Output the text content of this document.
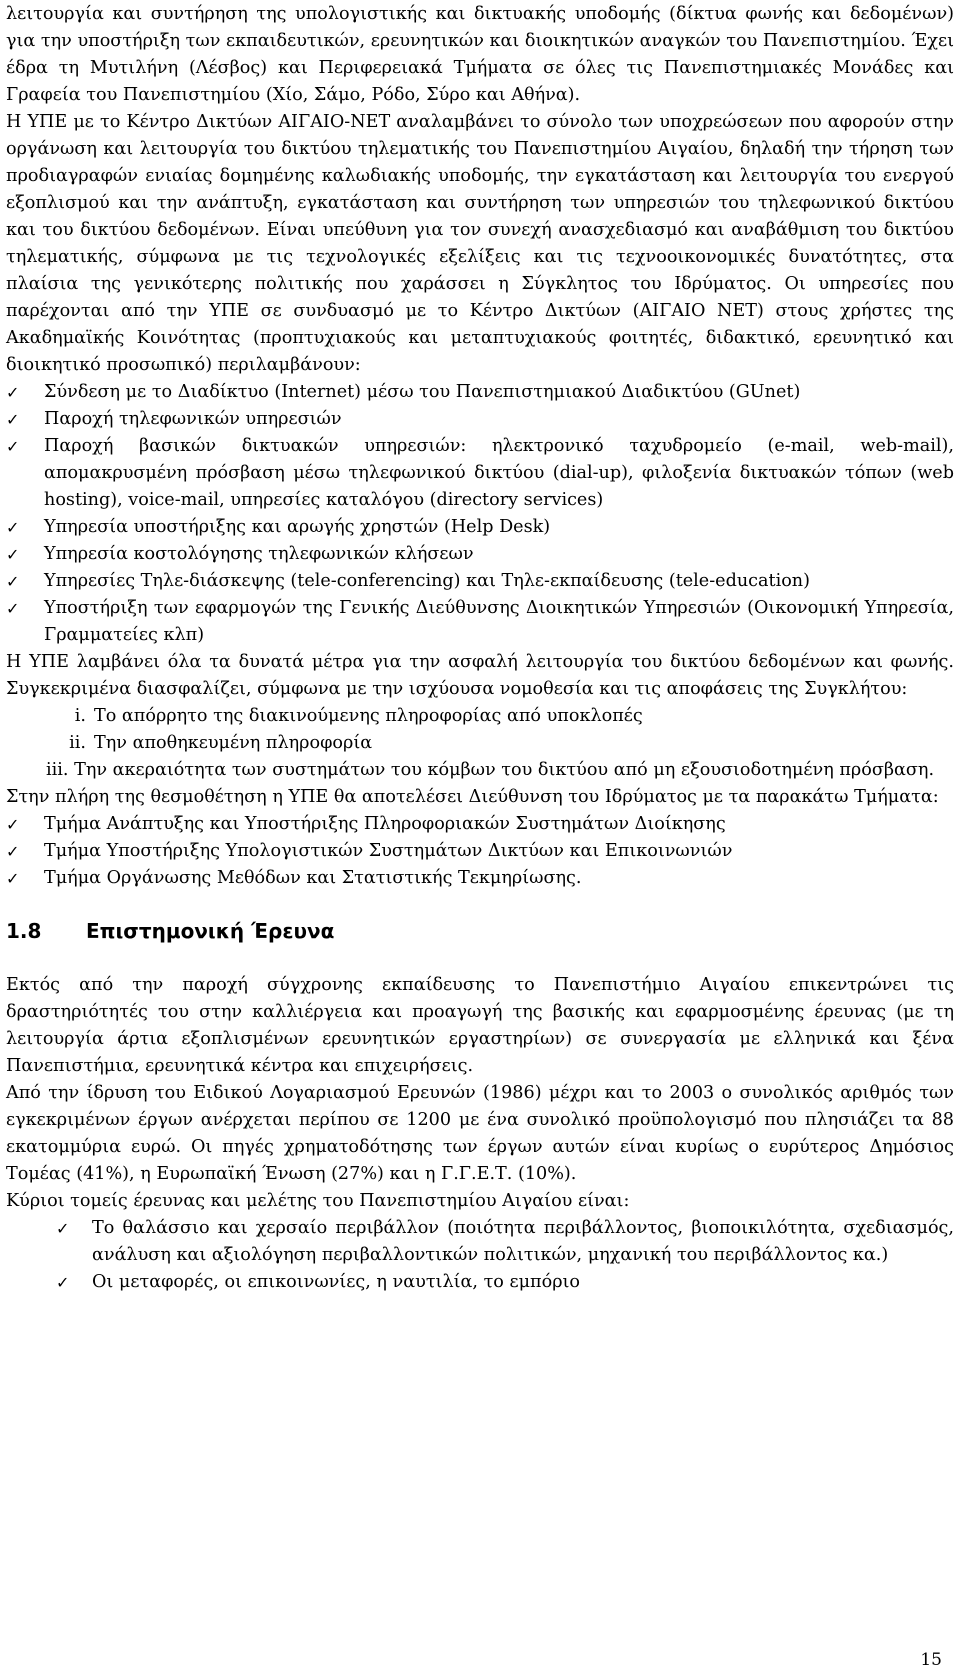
λειτουργία και συντήρηση της υπολογιστικής και δικτυακής υποδομής (δίκτυα φωνής και δεδομένων) για την υποστήριξη των εκπαιδευτικών, ερευνητικών και διοικητικών αναγκών του Πανεπιστημίου. Έχει έδρα τη Μυτιλήνη (Λέσβος) και Περιφερειακά Τμήματα σε όλες τις Πανεπιστημιακές Μονάδες και Γραφεία του Πανεπιστημίου (Χίο, Σάμο, Ρόδο, Σύρο και Αθήνα).

Η ΥΠΕ με το Κέντρο Δικτύων ΑΙΓΑΙΟ-ΝΕΤ αναλαμβάνει το σύνολο των υποχρεώσεων που αφορούν στην οργάνωση και λειτουργία του δικτύου τηλεματικής του Πανεπιστημίου Αιγαίου, δηλαδή την τήρηση των προδιαγραφών ενιαίας δομημένης καλωδιακής υποδομής, την εγκατάσταση και λειτουργία του ενεργού εξοπλισμού και την ανάπτυξη, εγκατάσταση και συντήρηση των υπηρεσιών του τηλεφωνικού δικτύου και του δικτύου δεδομένων. Είναι υπεύθυνη για τον συνεχή ανασχεδιασμό και αναβάθμιση του δικτύου τηλεματικής, σύμφωνα με τις τεχνολογικές εξελίξεις και τις τεχνοοικονομικές δυνατότητες, στα πλαίσια της γενικότερης πολιτικής που χαράσσει η Σύγκλητος του Ιδρύματος. Οι υπηρεσίες που παρέχονται από την ΥΠΕ σε συνδυασμό με το Κέντρο Δικτύων (ΑΙΓΑΙΟ ΝΕΤ) στους χρήστες της Ακαδημαϊκής Κοινότητας (προπτυχιακούς και μεταπτυχιακούς φοιτητές, διδακτικό, ερευνητικό και διοικητικό προσωπικό) περιλαμβάνουν:

✓	Σύνδεση με το Διαδίκτυο (Internet) μέσω του Πανεπιστημιακού Διαδικτύου (GUnet)
✓	Παροχή τηλεφωνικών υπηρεσιών
✓	Παροχή βασικών δικτυακών υπηρεσιών: ηλεκτρονικό ταχυδρομείο (e-mail, web-mail), απομακρυσμένη πρόσβαση μέσω τηλεφωνικού δικτύου (dial-up), φιλοξενία δικτυακών τόπων (web hosting), voice-mail, υπηρεσίες καταλόγου (directory services)
✓	Υπηρεσία υποστήριξης και αρωγής χρηστών (Help Desk)
✓	Υπηρεσία κοστολόγησης τηλεφωνικών κλήσεων
✓	Υπηρεσίες Τηλε-διάσκεψης (tele-conferencing) και Τηλε-εκπαίδευσης (tele-education)
✓	Υποστήριξη των εφαρμογών της Γενικής Διεύθυνσης Διοικητικών Υπηρεσιών (Οικονομική Υπηρεσία, Γραμματείες κλπ)

Η ΥΠΕ λαμβάνει όλα τα δυνατά μέτρα για την ασφαλή λειτουργία του δικτύου δεδομένων και φωνής. Συγκεκριμένα διασφαλίζει, σύμφωνα με την ισχύουσα νομοθεσία και τις αποφάσεις της Συγκλήτου:

i. Το απόρρητο της διακινούμενης πληροφορίας από υποκλοπές
ii. Την αποθηκευμένη πληροφορία

iii. Την ακεραιότητα των συστημάτων του κόμβων του δικτύου από μη εξουσιοδοτημένη πρόσβαση.

Στην πλήρη της θεσμοθέτηση η ΥΠΕ θα αποτελέσει Διεύθυνση του Ιδρύματος με τα παρακάτω Τμήματα:

✓	Τμήμα Ανάπτυξης και Υποστήριξης Πληροφοριακών Συστημάτων Διοίκησης
✓	Τμήμα Υποστήριξης Υπολογιστικών Συστημάτων Δικτύων και Επικοινωνιών
✓	Τμήμα Οργάνωσης Μεθόδων και Στατιστικής Τεκμηρίωσης.
1.8 Επιστημονική Έρευνα

Εκτός από την παροχή σύγχρονης εκπαίδευσης το Πανεπιστήμιο Αιγαίου επικεντρώνει τις δραστηριότητές του στην καλλιέργεια και προαγωγή της βασικής και εφαρμοσμένης έρευνας (με τη λειτουργία άρτια εξοπλισμένων ερευνητικών εργαστηρίων) σε συνεργασία με ελληνικά και ξένα Πανεπιστήμια, ερευνητικά κέντρα και επιχειρήσεις.

Από την ίδρυση του Ειδικού Λογαριασμού Ερευνών (1986) μέχρι και το 2003 ο συνολικός αριθμός των εγκεκριμένων έργων ανέρχεται περίπου σε 1200 με ένα συνολικό προϋπολογισμό που πλησιάζει τα 88 εκατομμύρια ευρώ. Οι πηγές χρηματοδότησης των έργων αυτών είναι κυρίως ο ευρύτερος Δημόσιος Τομέας (41%), η Ευρωπαϊκή Ένωση (27%) και η Γ.Γ.Ε.Τ. (10%).

Κύριοι τομείς έρευνας και μελέτης του Πανεπιστημίου Αιγαίου είναι:

✓	Το θαλάσσιο και χερσαίο περιβάλλον (ποιότητα περιβάλλοντος, βιοποικιλότητα, σχεδιασμός, ανάλυση και αξιολόγηση περιβαλλοντικών πολιτικών, μηχανική του περιβάλλοντος κα.)
✓	Οι μεταφορές, οι επικοινωνίες, η ναυτιλία, το εμπόριο
15
